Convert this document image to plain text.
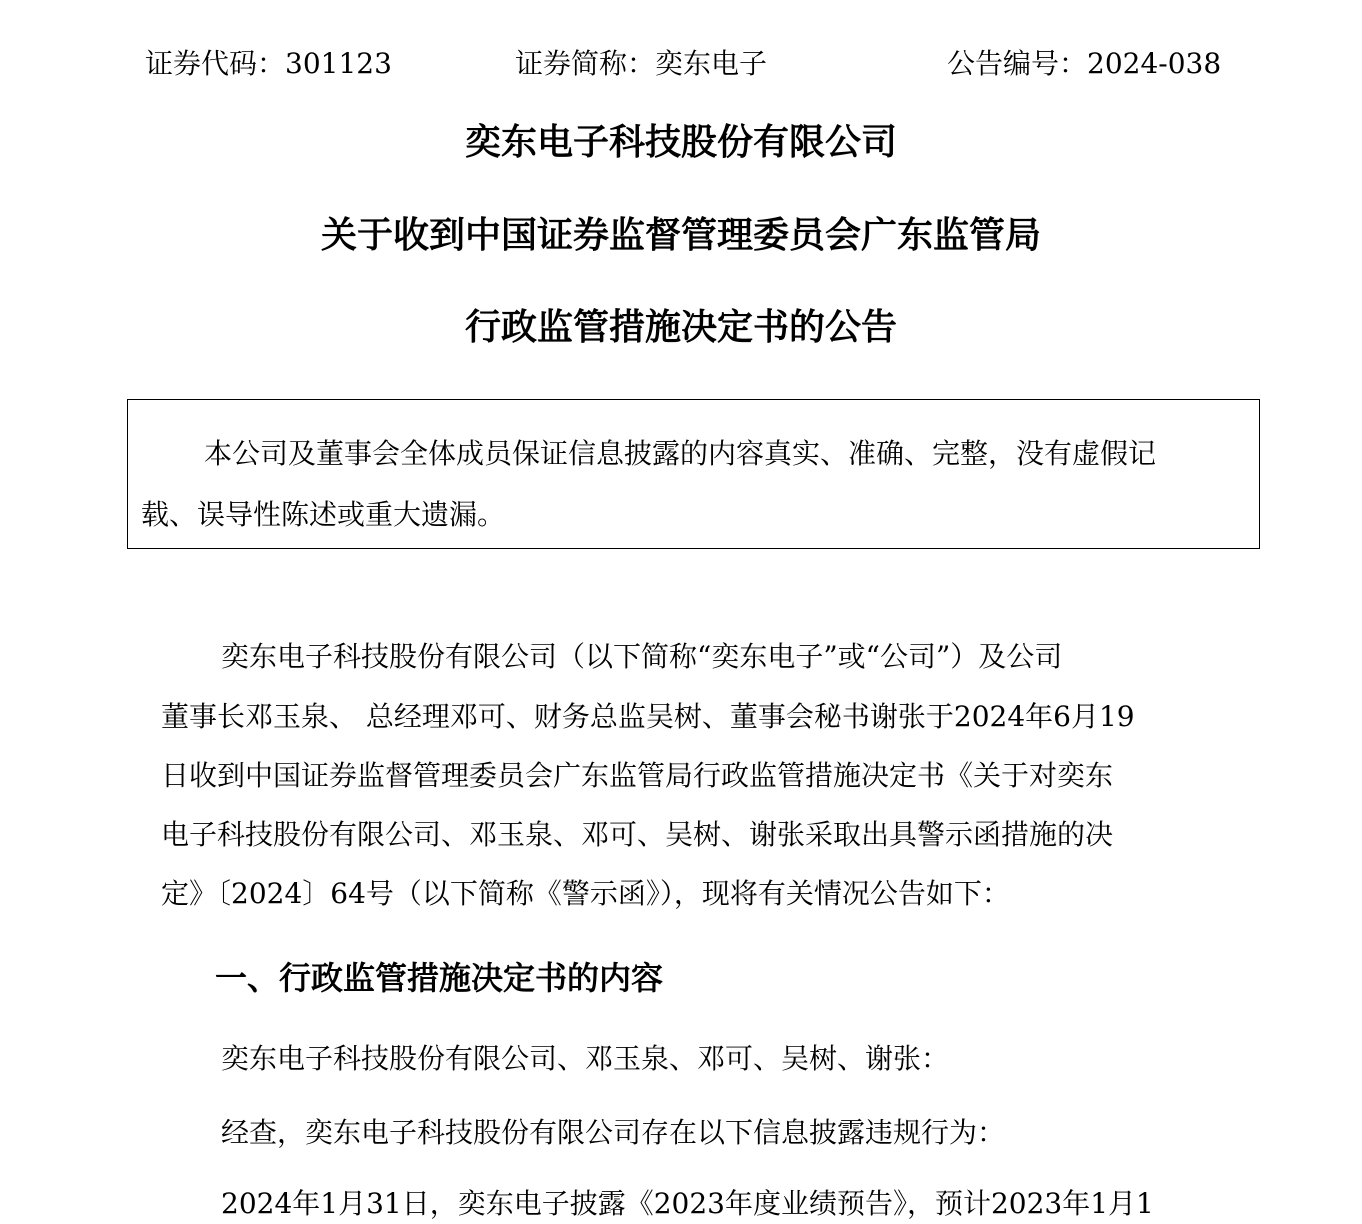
证券代码：301123	证券简称：奕东电子	公告编号：2024-038
奕东电子科技股份有限公司
关于收到中国证券监督管理委员会广东监管局
行政监管措施决定书的公告
本公司及董事会全体成员保证信息披露的内容真实、准确、完整，没有虚假记
载、误导性陈述或重大遗漏。
奕东电子科技股份有限公司（以下简称“奕东电子”或“公司”）及公司
董事长邓玉泉、 总经理邓可、财务总监吴树、董事会秘书谢张于2024年6月19
日收到中国证券监督管理委员会广东监管局行政监管措施决定书《关于对奕东
电子科技股份有限公司、邓玉泉、邓可、吴树、谢张采取出具警示函措施的决
定》〔2024〕64号（以下简称《警示函》），现将有关情况公告如下：
一、行政监管措施决定书的内容
奕东电子科技股份有限公司、邓玉泉、邓可、吴树、谢张：
经查，奕东电子科技股份有限公司存在以下信息披露违规行为：
2024年1月31日，奕东电子披露《2023年度业绩预告》，预计2023年1月1
